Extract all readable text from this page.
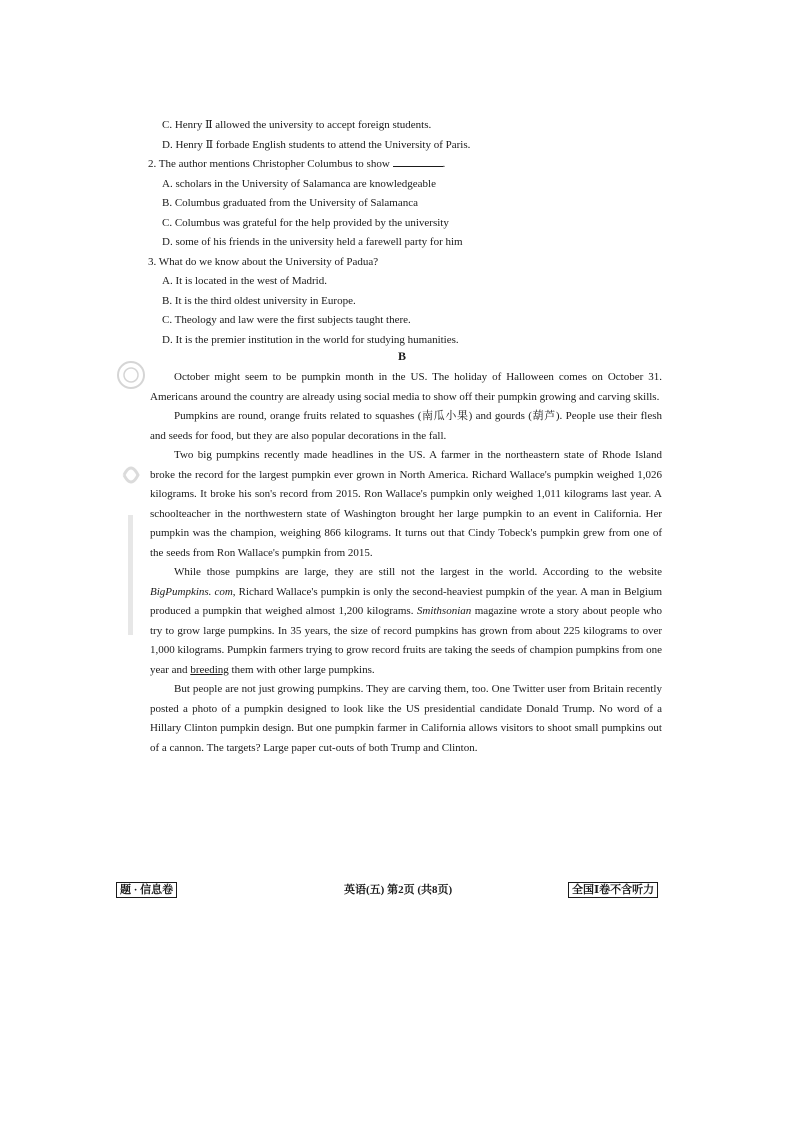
C. Henry Ⅱ allowed the university to accept foreign students.
D. Henry Ⅱ forbade English students to attend the University of Paris.
2. The author mentions Christopher Columbus to show	.
A. scholars in the University of Salamanca are knowledgeable
B. Columbus graduated from the University of Salamanca
C. Columbus was grateful for the help provided by the university
D. some of his friends in the university held a farewell party for him
3. What do we know about the University of Padua?
A. It is located in the west of Madrid.
B. It is the third oldest university in Europe.
C. Theology and law were the first subjects taught there.
D. It is the premier institution in the world for studying humanities.
B

October might seem to be pumpkin month in the US. The holiday of Halloween comes on October 31. Americans around the country are already using social media to show off their pumpkin growing and carving skills.

Pumpkins are round, orange fruits related to squashes (南瓜小果) and gourds (葫芦). People use their flesh and seeds for food, but they are also popular decorations in the fall.

Two big pumpkins recently made headlines in the US. A farmer in the northeastern state of Rhode Island broke the record for the largest pumpkin ever grown in North America. Richard Wallace's pumpkin weighed 1,026 kilograms. It broke his son's record from 2015. Ron Wallace's pumpkin only weighed 1,011 kilograms last year. A schoolteacher in the northwestern state of Washington brought her large pumpkin to an event in California. Her pumpkin was the champion, weighing 866 kilograms. It turns out that Cindy Tobeck's pumpkin grew from one of the seeds from Ron Wallace's pumpkin from 2015.

While those pumpkins are large, they are still not the largest in the world. According to the website BigPumpkins. com, Richard Wallace's pumpkin is only the second-heaviest pumpkin of the year. A man in Belgium produced a pumpkin that weighed almost 1,200 kilograms. Smithsonian magazine wrote a story about people who try to grow large pumpkins. In 35 years, the size of record pumpkins has grown from about 225 kilograms to over 1,000 kilograms. Pumpkin farmers trying to grow record fruits are taking the seeds of champion pumpkins from one year and breeding them with other large pumpkins.

But people are not just growing pumpkins. They are carving them, too. One Twitter user from Britain recently posted a photo of a pumpkin designed to look like the US presidential candidate Donald Trump. No word of a Hillary Clinton pumpkin design. But one pumpkin farmer in California allows visitors to shoot small pumpkins out of a cannon. The targets? Large paper cut-outs of both Trump and Clinton.

题 · 信息卷	英语(五) 第2页 (共8页)	全国Ⅰ卷不含听力
